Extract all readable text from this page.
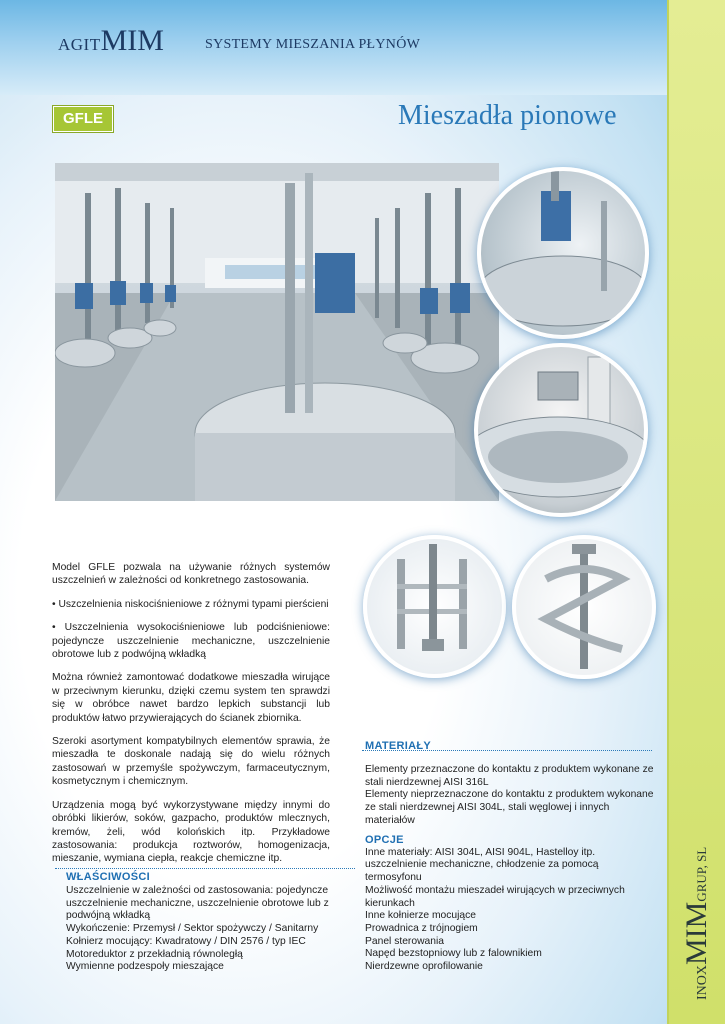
INOXMIMGRUP, SL
AGITMIM	SYSTEMY MIESZANIA PŁYNÓW
GFLE	Mieszadła pionowe

Model GFLE pozwala na używanie różnych systemów uszczelnień w zależności od konkretnego zastosowania.

• Uszczelnienia niskociśnieniowe z różnymi typami pierścieni

• Uszczelnienia wysokociśnieniowe lub podciśnieniowe: pojedyncze uszczelnienie mechaniczne, uszczelnienie obrotowe lub z podwójną wkładką

Można również zamontować dodatkowe mieszadła wirujące w przeciwnym kierunku, dzięki czemu system ten sprawdzi się w obróbce nawet bardzo lepkich substancji lub produktów łatwo przywierających do ścianek zbiornika.

Szeroki asortyment kompatybilnych elementów sprawia, że mieszadła te doskonale nadają się do wielu różnych zastosowań w przemyśle spożywczym, farmaceutycznym, kosmetycznym i chemicznym.

Urządzenia mogą być wykorzystywane między innymi do obróbki likierów, soków, gazpacho, produktów mlecznych, kremów, żeli, wód kolońskich itp. Przykładowe zastosowania: produkcja roztworów, homogenizacja, mieszanie, wymiana ciepła, reakcje chemiczne itp.

WŁAŚCIWOŚCI
Uszczelnienie w zależności od zastosowania: pojedyncze uszczelnienie mechaniczne, uszczelnienie obrotowe lub z podwójną wkładką
Wykończenie: Przemysł / Sektor spożywczy / Sanitarny
Kołnierz mocujący: Kwadratowy / DIN 2576 / typ IEC
Motoreduktor z przekładnią równoległą
Wymienne podzespoły mieszające
MATERIAŁY
Elementy przeznaczone do kontaktu z produktem wykonane ze stali nierdzewnej AISI 316L
Elementy nieprzeznaczone do kontaktu z produktem wykonane ze stali nierdzewnej AISI 304L, stali węglowej i innych materiałów
OPCJE
Inne materiały: AISI 304L, AISI 904L, Hastelloy itp.
uszczelnienie mechaniczne, chłodzenie za pomocą termosyfonu
Możliwość montażu mieszadeł wirujących w przeciwnych kierunkach
Inne kołnierze mocujące
Prowadnica z trójnogiem
Panel sterowania
Napęd bezstopniowy lub z falownikiem
Nierdzewne oprofilowanie
